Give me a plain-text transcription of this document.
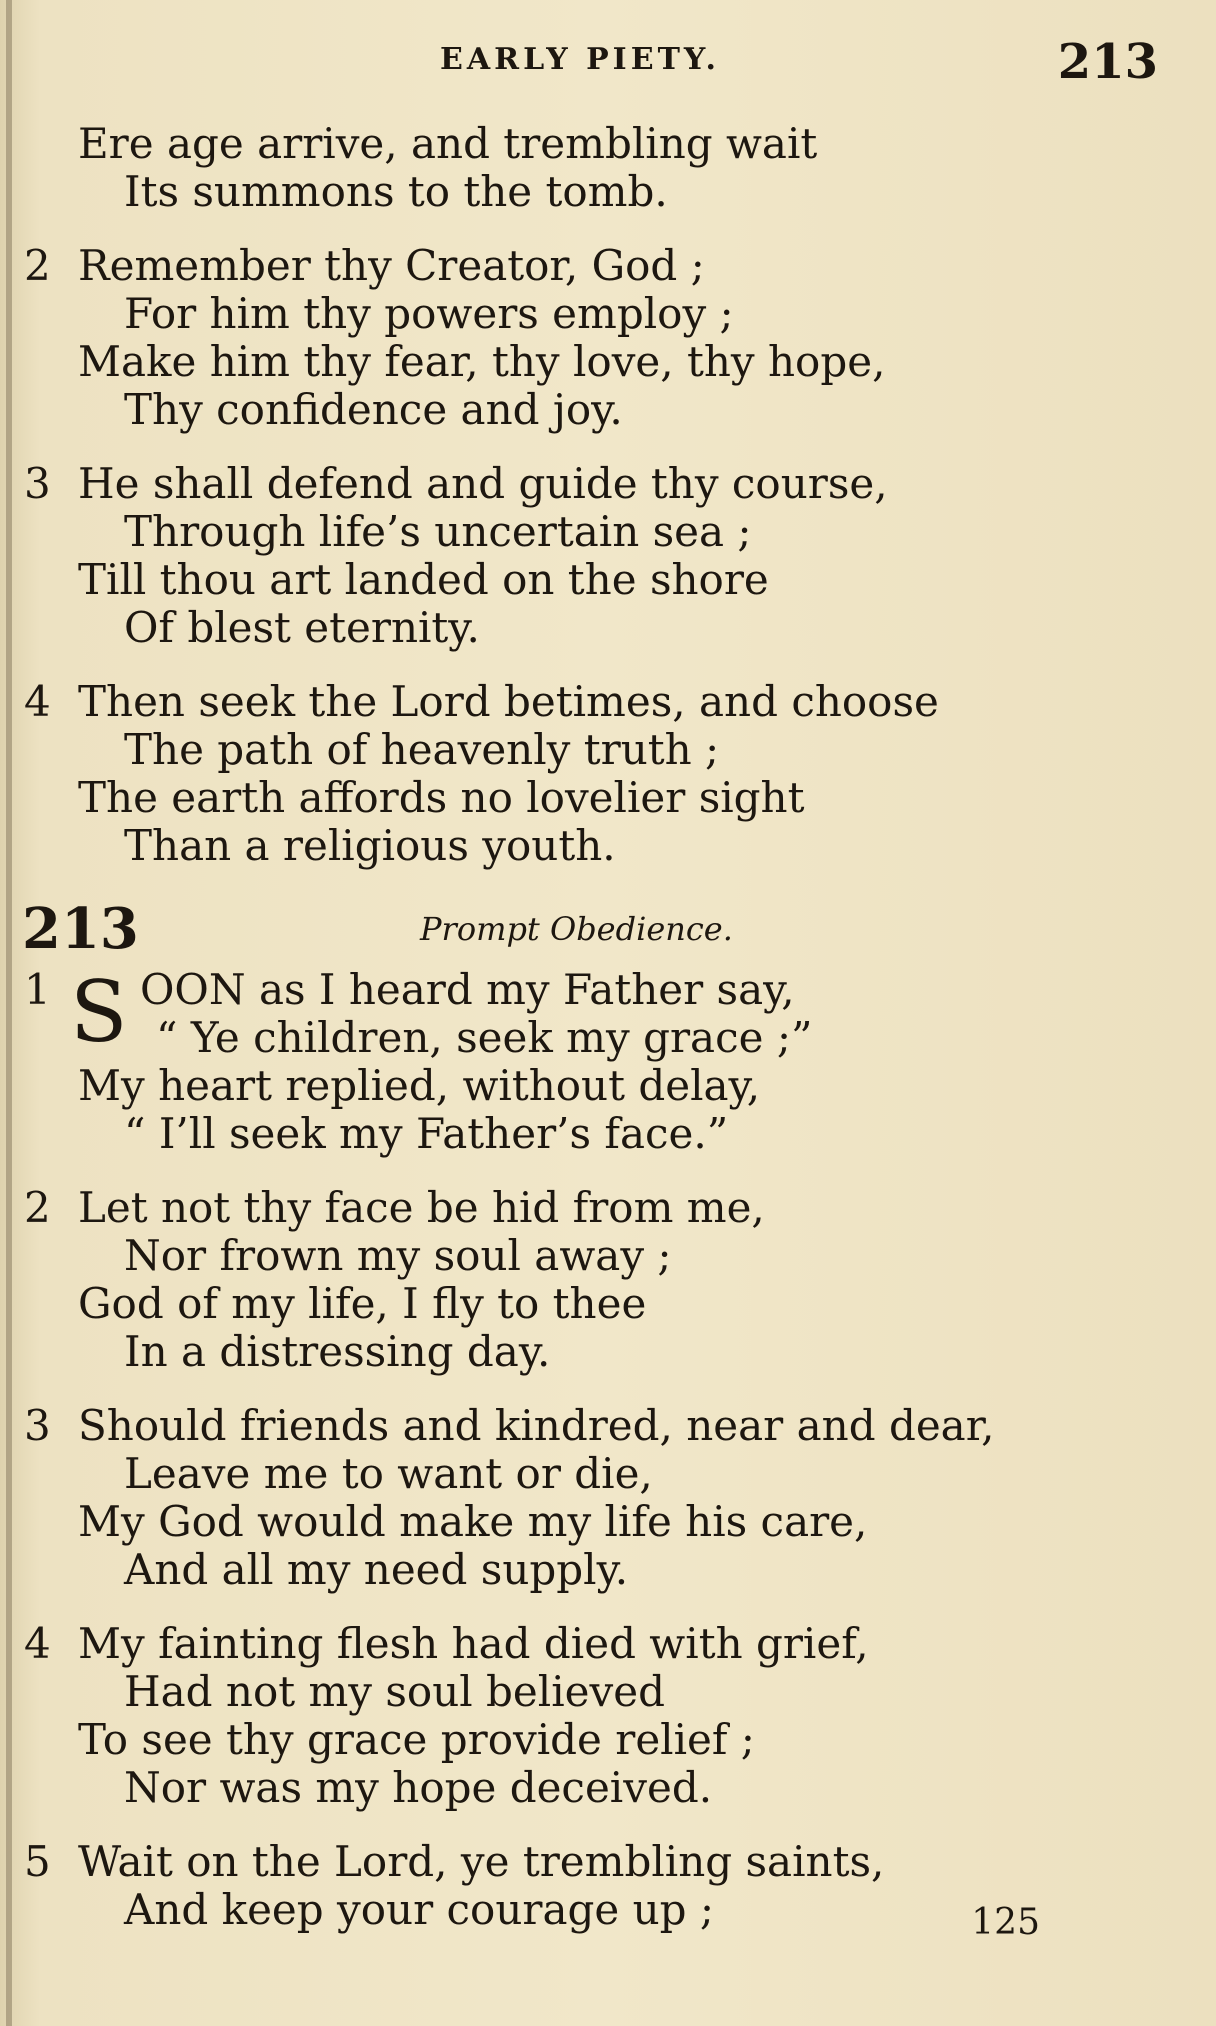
EARLY PIETY.	213
Ere age arrive, and trembling wait
Its summons to the tomb.
2 Remember thy Creator, God ;
For him thy powers employ ;
Make him thy fear, thy love, thy hope,
Thy confidence and joy.
3 He shall defend and guide thy course,
Through life’s uncertain sea ;
Till thou art landed on the shore
Of blest eternity.
4 Then seek the Lord betimes, and choose
The path of heavenly truth ;
The earth affords no lovelier sight
Than a religious youth.
213	Prompt Obedience.
1 S OON as I heard my Father say,
“ Ye children, seek my grace ;”
My heart replied, without delay,
“ I’ll seek my Father’s face.”
2 Let not thy face be hid from me,
Nor frown my soul away ;
God of my life, I fly to thee
In a distressing day.
3 Should friends and kindred, near and dear,
Leave me to want or die,
My God would make my life his care,
And all my need supply.
4 My fainting flesh had died with grief,
Had not my soul believed
To see thy grace provide relief ;
Nor was my hope deceived.
5 Wait on the Lord, ye trembling saints,
And keep your courage up ;	125
